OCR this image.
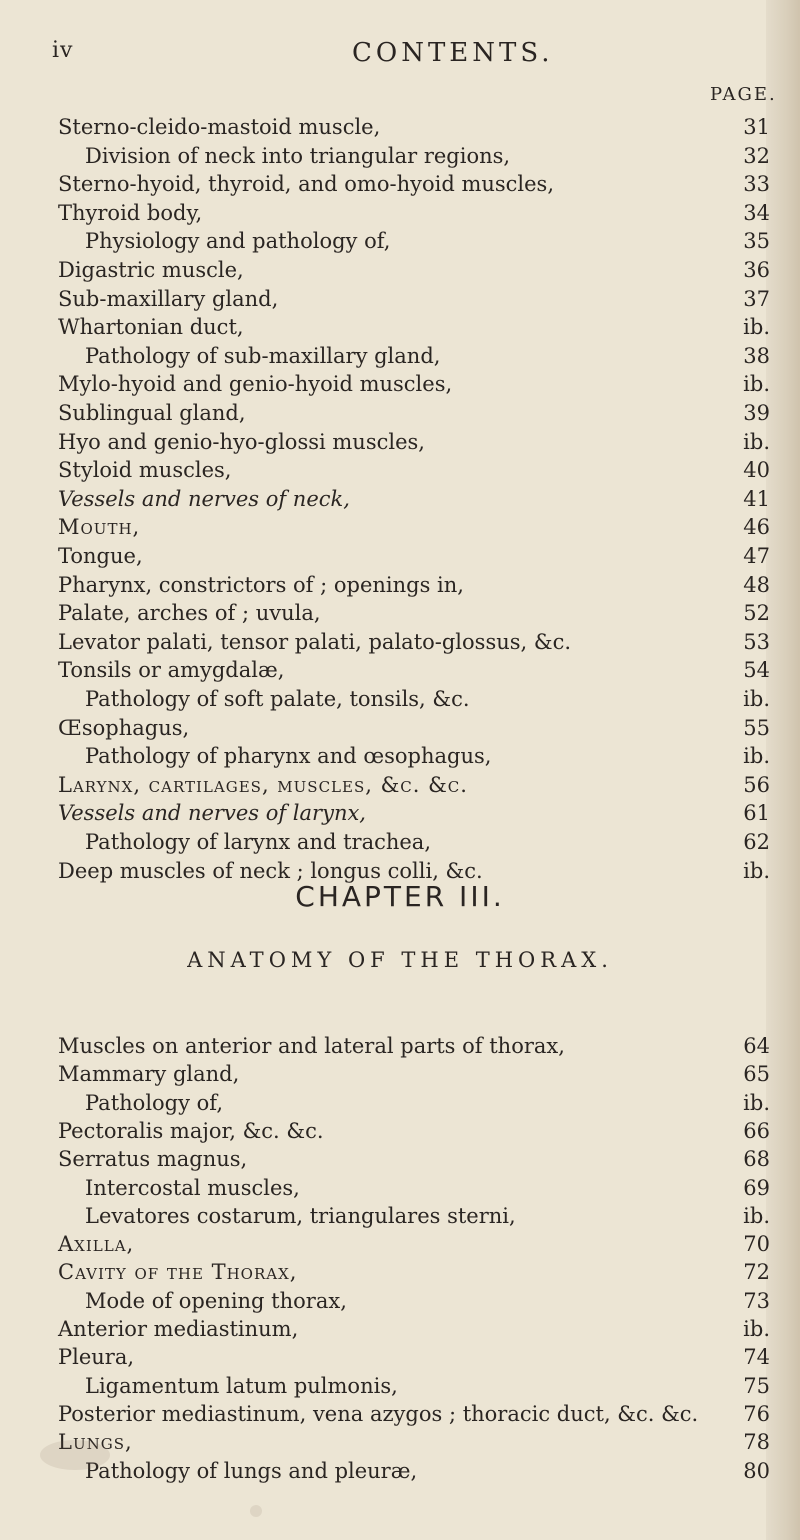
iv	CONTENTS.
PAGE.
Sterno-cleido-mastoid muscle,	31
Division of neck into triangular regions,	32
Sterno-hyoid, thyroid, and omo-hyoid muscles,	33
Thyroid body,	34
Physiology and pathology of,	35
Digastric muscle,	36
Sub-maxillary gland,	37
Whartonian duct,	ib.
Pathology of sub-maxillary gland,	38
Mylo-hyoid and genio-hyoid muscles,	ib.
Sublingual gland,	39
Hyo and genio-hyo-glossi muscles,	ib.
Styloid muscles,	40
Vessels and nerves of neck,	41
Mouth,	46
Tongue,	47
Pharynx, constrictors of ; openings in,	48
Palate, arches of ; uvula,	52
Levator palati, tensor palati, palato-glossus, &c.	53
Tonsils or amygdalæ,	54
Pathology of soft palate, tonsils, &c.	ib.
Œsophagus,	55
Pathology of pharynx and œsophagus,	ib.
Larynx, cartilages, muscles, &c. &c.	56
Vessels and nerves of larynx,	61
Pathology of larynx and trachea,	62
Deep muscles of neck ; longus colli, &c.	ib.
CHAPTER III.
ANATOMY OF THE THORAX.
Muscles on anterior and lateral parts of thorax,	64
Mammary gland,	65
Pathology of,	ib.
Pectoralis major, &c. &c.	66
Serratus magnus,	68
Intercostal muscles,	69
Levatores costarum, triangulares sterni,	ib.
Axilla,	70
Cavity of the Thorax,	72
Mode of opening thorax,	73
Anterior mediastinum,	ib.
Pleura,	74
Ligamentum latum pulmonis,	75
Posterior mediastinum, vena azygos ; thoracic duct, &c. &c. 76
Lungs,	78
Pathology of lungs and pleuræ,	80
